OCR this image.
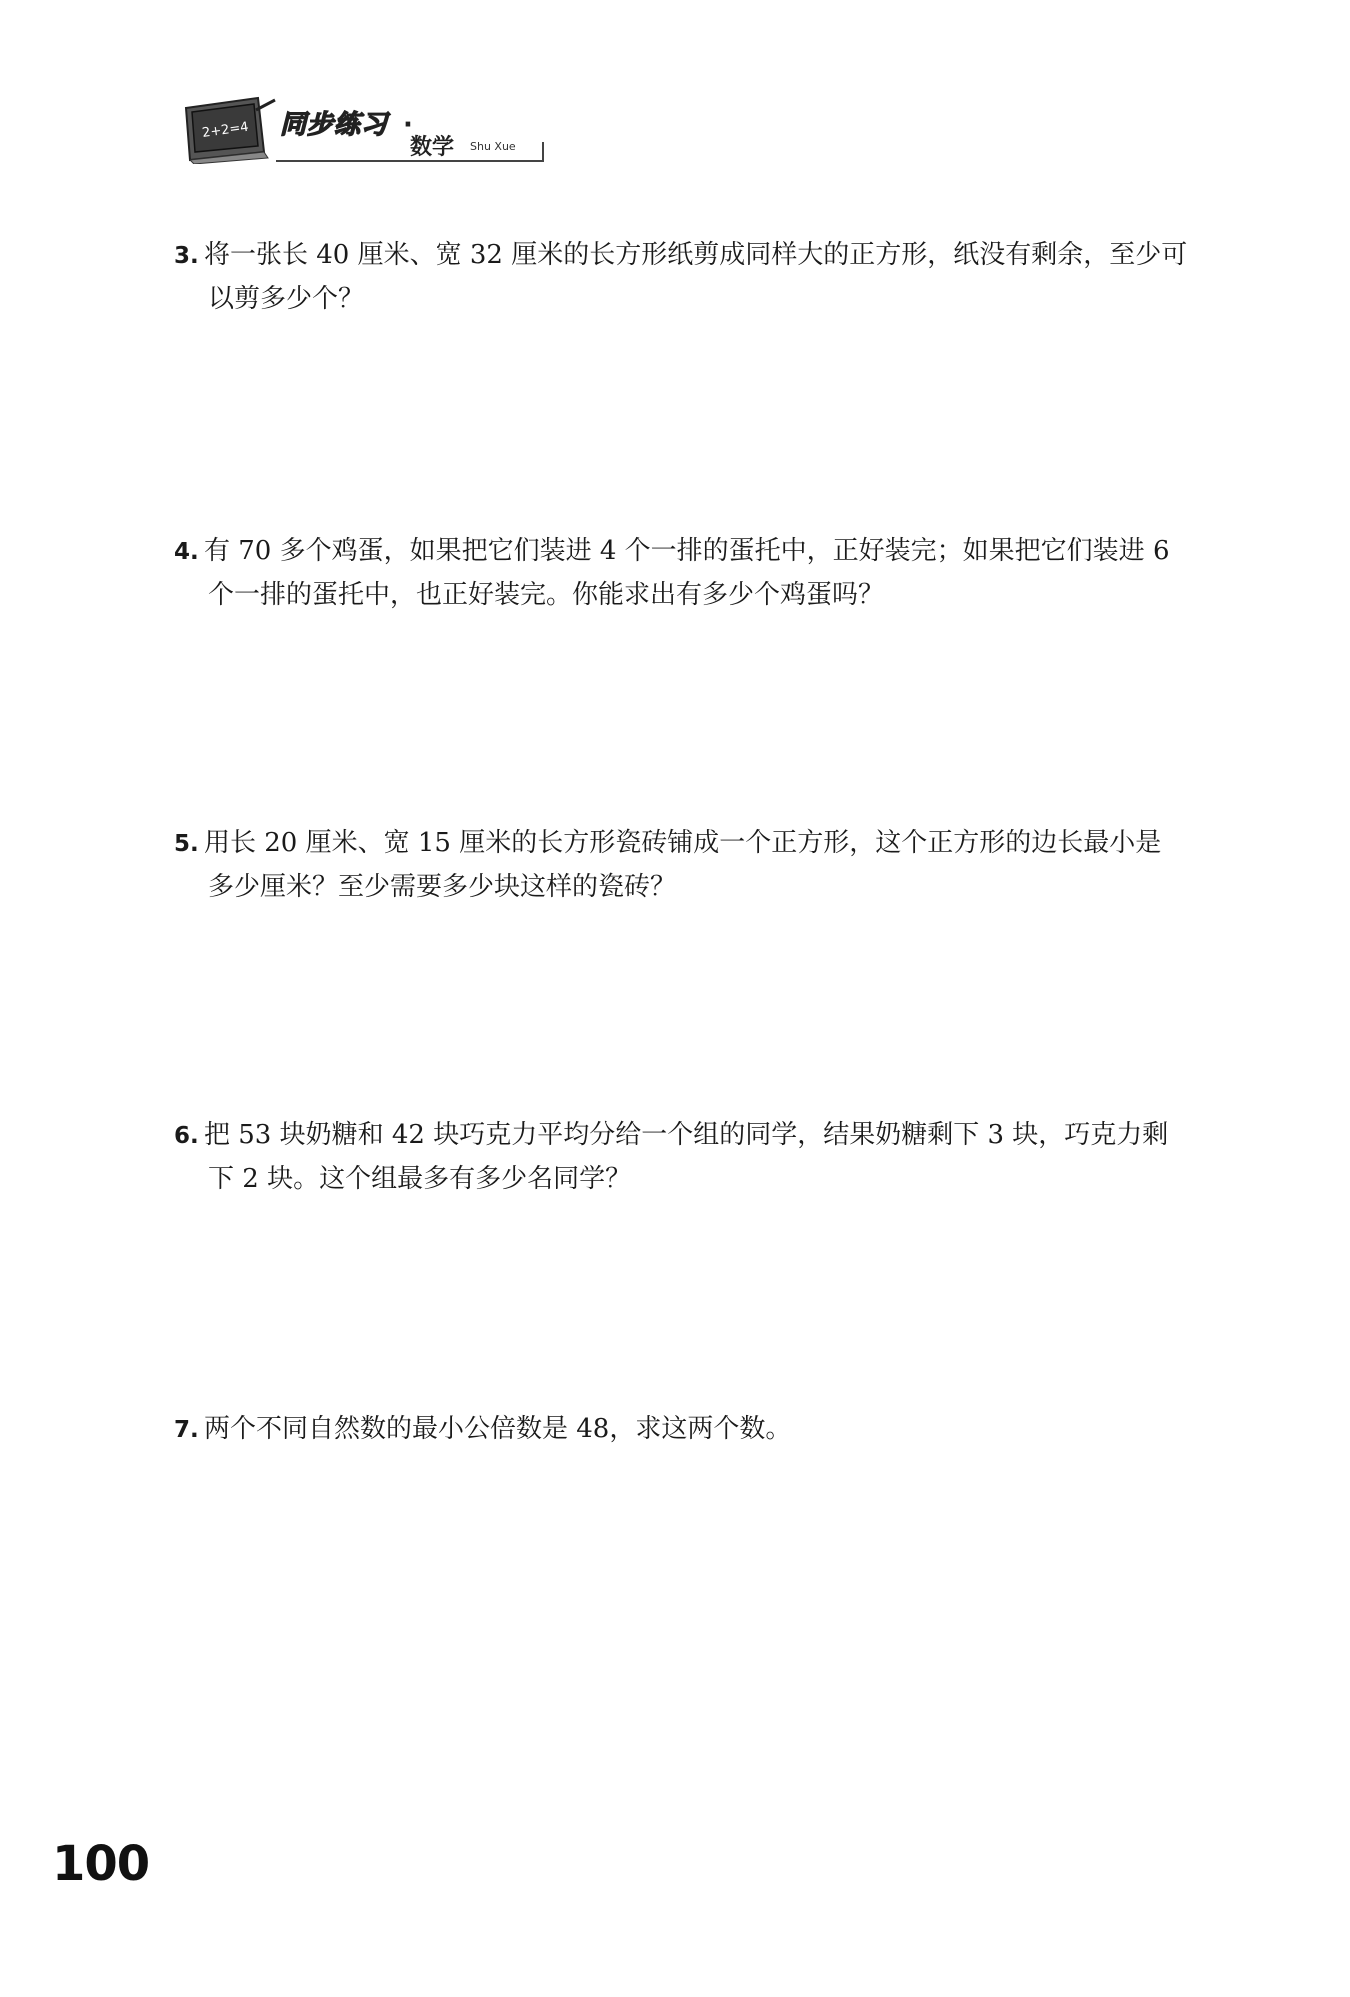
2+2=4 同步练习 ·
数学 Shu Xue
3. 将一张长 40 厘米、宽 32 厘米的长方形纸剪成同样大的正方形，纸没有剩余，至少可
以剪多少个？
4. 有 70 多个鸡蛋，如果把它们装进 4 个一排的蛋托中，正好装完；如果把它们装进 6
个一排的蛋托中，也正好装完。你能求出有多少个鸡蛋吗？
5. 用长 20 厘米、宽 15 厘米的长方形瓷砖铺成一个正方形，这个正方形的边长最小是
多少厘米？至少需要多少块这样的瓷砖？
6. 把 53 块奶糖和 42 块巧克力平均分给一个组的同学，结果奶糖剩下 3 块，巧克力剩
下 2 块。这个组最多有多少名同学？
7. 两个不同自然数的最小公倍数是 48，求这两个数。
100
